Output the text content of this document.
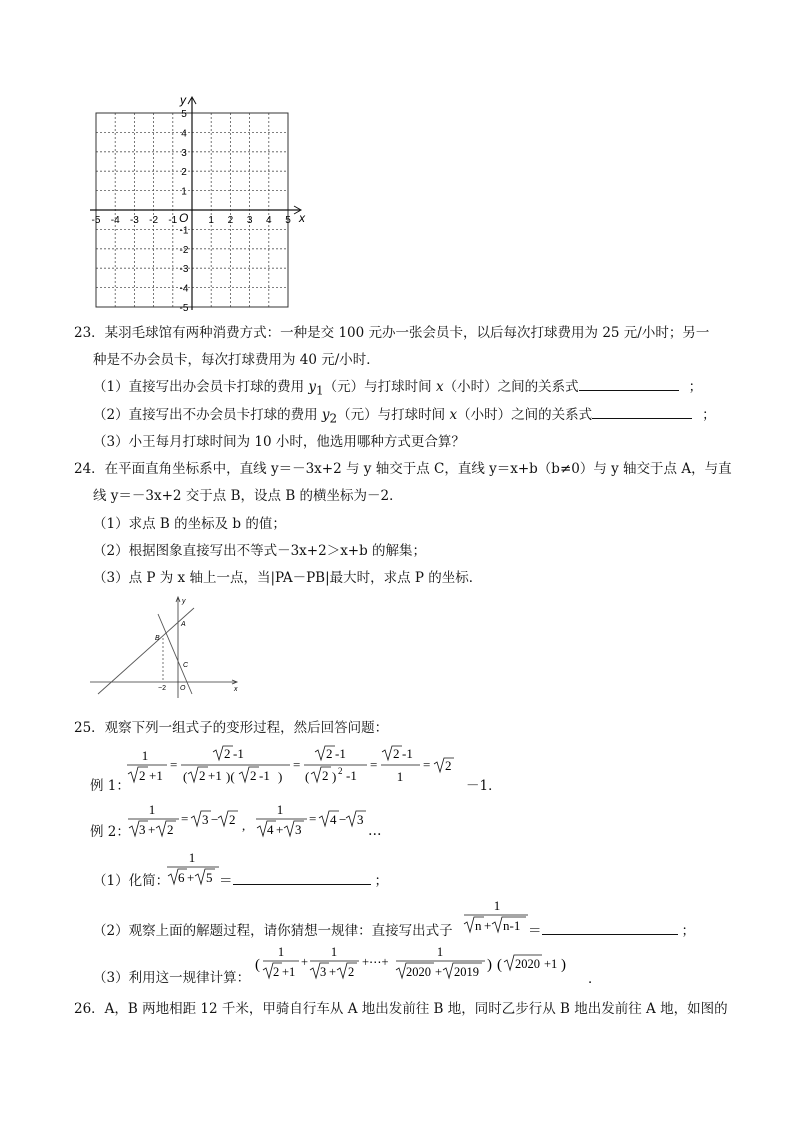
y
x
O
-5 -4 -3 -2 -1	1 2 3 4 5
5
4
3
2
1
-1
-2
-3
-4
-5
23．某羽毛球馆有两种消费方式：一种是交 100 元办一张会员卡，以后每次打球费用为 25 元/小时；另一
种是不办会员卡，每次打球费用为 40 元/小时．
（1）直接写出办会员卡打球的费用 $y_1$（元）与打球时间 x（小时）之间的关系式	；
（2）直接写出不办会员卡打球的费用 $y_2$（元）与打球时间 x（小时）之间的关系式	；
（3）小王每月打球时间为 10 小时，他选用哪种方式更合算？
24．在平面直角坐标系中，直线 y＝－3x+2 与 y 轴交于点 C，直线 y＝x+b（b≠0）与 y 轴交于点 A，与直
线 y＝－3x+2 交于点 B，设点 B 的横坐标为－2．
（1）求点 B 的坐标及 b 的值；
（2）根据图象直接写出不等式－3x+2＞x+b 的解集；
（3）点 P 为 x 轴上一点，当|PA－PB|最大时，求点 P 的坐标．
y
x
A
B
C
O
−2
25．观察下列一组式子的变形过程，然后回答问题：
例 1：
1
2 +1
=
2 -1
( 2 +1 )( 2 -1 )
=
2 -1
( 2 ) 2 -1
=
2 -1
1
= 2
－1．
例 2：
1
3 + 2
= 3 − 2 ,
1
4 + 3
= 4 − 3
…
（1）化简：
1
6 + 5 ＝	；
（2）观察上面的解题过程，请你猜想一规律：直接写出式子
1
n + n-1 ＝	；
（3）利用这一规律计算：
(
1
2 +1
+
1
3 + 2
+⋯+
1
2020 + 2019 ) ( 2020 +1 )
．
26．A，B 两地相距 12 千米，甲骑自行车从 A 地出发前往 B 地，同时乙步行从 B 地出发前往 A 地，如图的
